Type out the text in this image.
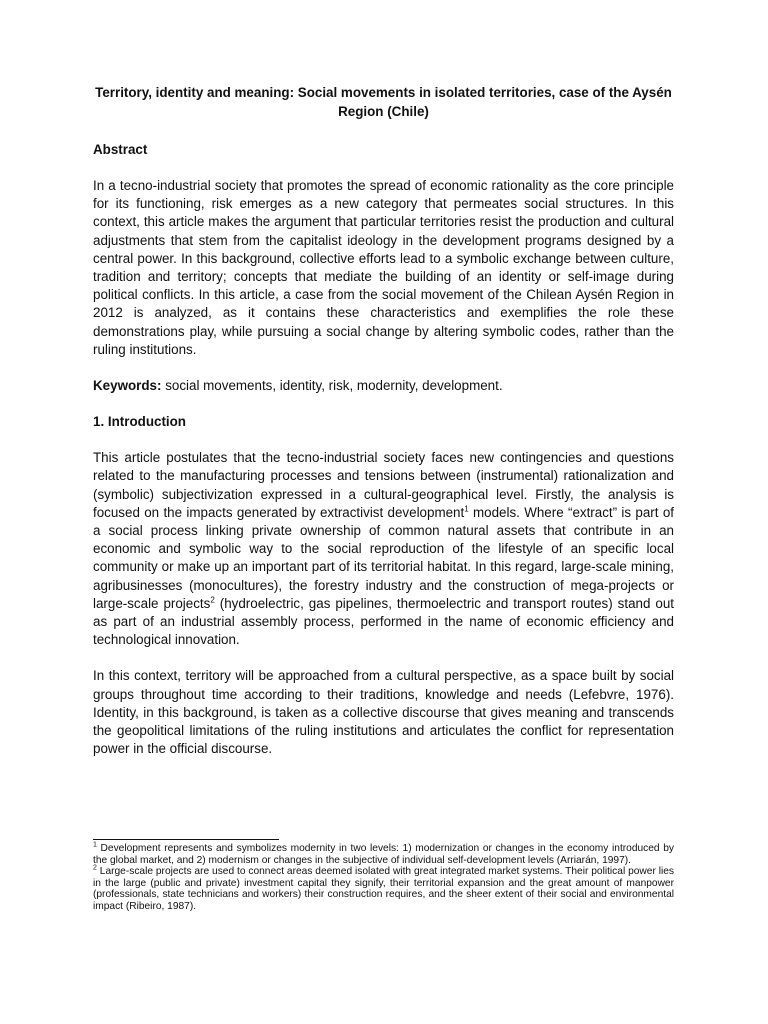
Territory, identity and meaning: Social movements in isolated territories, case of the Aysén Region (Chile)
Abstract

In a tecno-industrial society that promotes the spread of economic rationality as the core principle for its functioning, risk emerges as a new category that permeates social structures. In this context, this article makes the argument that particular territories resist the production and cultural adjustments that stem from the capitalist ideology in the development programs designed by a central power. In this background, collective efforts lead to a symbolic exchange between culture, tradition and territory; concepts that mediate the building of an identity or self-image during political conflicts. In this article, a case from the social movement of the Chilean Aysén Region in 2012 is analyzed, as it contains these characteristics and exemplifies the role these demonstrations play, while pursuing a social change by altering symbolic codes, rather than the ruling institutions.

Keywords: social movements, identity, risk, modernity, development.

1. Introduction

This article postulates that the tecno-industrial society faces new contingencies and questions related to the manufacturing processes and tensions between (instrumental) rationalization and (symbolic) subjectivization expressed in a cultural-geographical level. Firstly, the analysis is focused on the impacts generated by extractivist development$^1$ models. Where “extract” is part of a social process linking private ownership of common natural assets that contribute in an economic and symbolic way to the social reproduction of the lifestyle of an specific local community or make up an important part of its territorial habitat. In this regard, large-scale mining, agribusinesses (monocultures), the forestry industry and the construction of mega-projects or large-scale projects$^2$ (hydroelectric, gas pipelines, thermoelectric and transport routes) stand out as part of an industrial assembly process, performed in the name of economic efficiency and technological innovation.

In this context, territory will be approached from a cultural perspective, as a space built by social groups throughout time according to their traditions, knowledge and needs (Lefebvre, 1976). Identity, in this background, is taken as a collective discourse that gives meaning and transcends the geopolitical limitations of the ruling institutions and articulates the conflict for representation power in the official discourse.

$^1$ Development represents and symbolizes modernity in two levels: 1) modernization or changes in the economy introduced by the global market, and 2) modernism or changes in the subjective of individual self-development levels (Arriarán, 1997).

$^2$ Large-scale projects are used to connect areas deemed isolated with great integrated market systems. Their political power lies in the large (public and private) investment capital they signify, their territorial expansion and the great amount of manpower (professionals, state technicians and workers) their construction requires, and the sheer extent of their social and environmental impact (Ribeiro, 1987).
